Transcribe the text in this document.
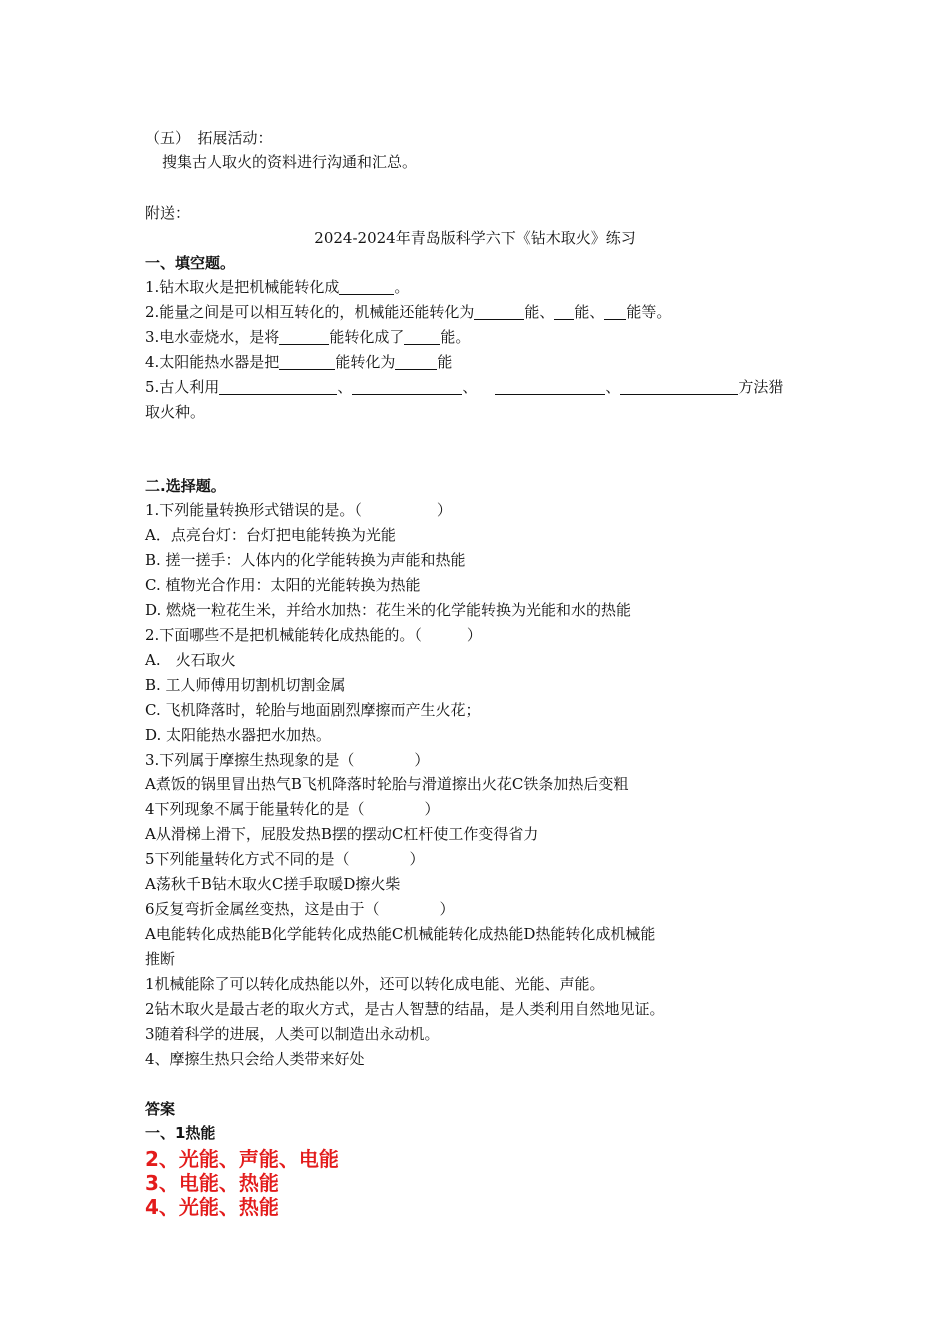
（五）　拓展活动：
搜集古人取火的资料进行沟通和汇总。
附送：
2024-2024年青岛版科学六下《钻木取火》练习
一、填空题。
1.钻木取火是把机械能转化成	。
2.能量之间是可以相互转化的，机械能还能转化为	能、 能、 能等。
3.电水壶烧水，是将	能转化成了 能。
4.太阳能热水器是把	能转化为	能
5.古人利用	、	、	、	方法猎
取火种。
二.选择题。
1.下列能量转换形式错误的是。（　　　　　）
A．点亮台灯：台灯把电能转换为光能
B. 搓一搓手：人体内的化学能转换为声能和热能
C. 植物光合作用：太阳的光能转换为热能
D. 燃烧一粒花生米，并给水加热：花生米的化学能转换为光能和水的热能
2.下面哪些不是把机械能转化成热能的。（　　　）
A.　火石取火
B. 工人师傅用切割机切割金属
C. 飞机降落时，轮胎与地面剧烈摩擦而产生火花；
D. 太阳能热水器把水加热。
3.下列属于摩擦生热现象的是（　　　　）
A煮饭的锅里冒出热气B飞机降落时轮胎与滑道擦出火花C铁条加热后变粗
4下列现象不属于能量转化的是（　　　　）
A从滑梯上滑下，屁股发热B摆的摆动C杠杆使工作变得省力
5下列能量转化方式不同的是（　　　　）
A荡秋千B钻木取火C搓手取暖D擦火柴
6反复弯折金属丝变热，这是由于（　　　　）
A电能转化成热能B化学能转化成热能C机械能转化成热能D热能转化成机械能
推断
1机械能除了可以转化成热能以外，还可以转化成电能、光能、声能。
2钻木取火是最古老的取火方式，是古人智慧的结晶，是人类利用自然地见证。
3随着科学的进展，人类可以制造出永动机。
4、摩擦生热只会给人类带来好处
答案
一、1热能
2、光能、声能、电能
3、电能、热能
4、光能、热能
